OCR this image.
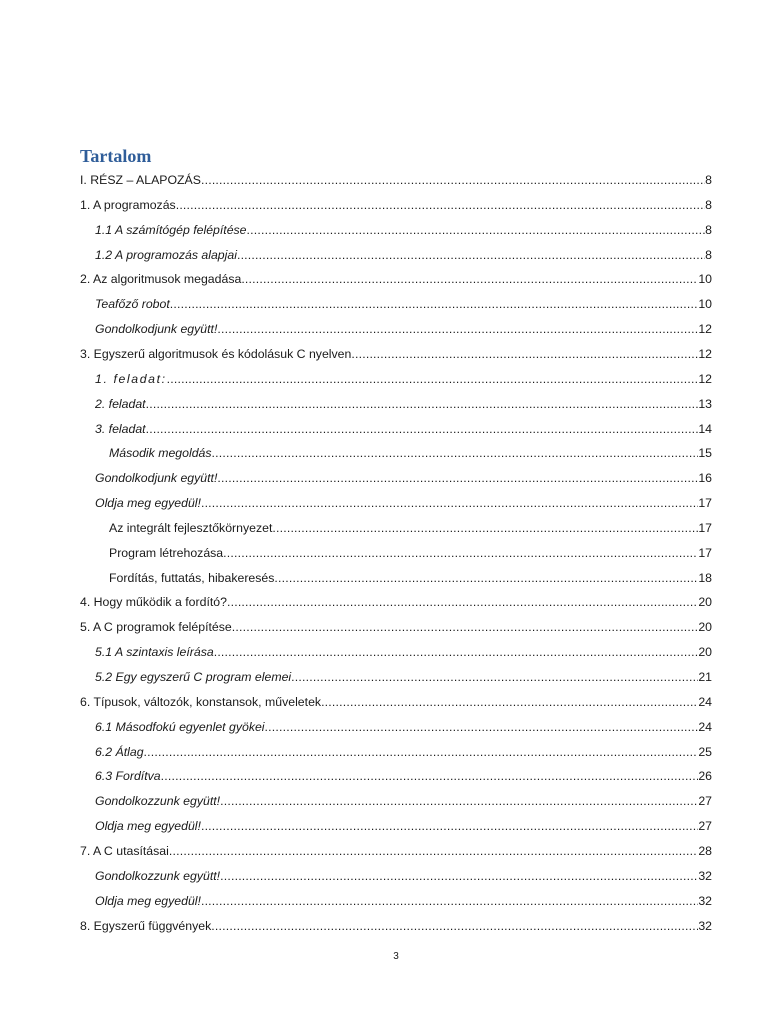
Tartalom
I. RÉSZ – ALAPOZÁS .....	8
1. A programozás .....	8
1.1 A számítógép felépítése .....	8
1.2 A programozás alapjai .....	8
2. Az algoritmusok megadása .....	10
Teafőző robot .....	10
Gondolkodjunk együtt! .....	12
3. Egyszerű algoritmusok és kódolásuk C nyelven .....	12
1. feladat: .....	12
2. feladat .....	13
3. feladat .....	14
Második megoldás .....	15
Gondolkodjunk együtt! .....	16
Oldja meg egyedül! .....	17
Az integrált fejlesztőkörnyezet .....	17
Program létrehozása .....	17
Fordítás, futtatás, hibakeresés .....	18
4. Hogy működik a fordító? .....	20
5. A C programok felépítése .....	20
5.1 A szintaxis leírása .....	20
5.2 Egy egyszerű C program elemei .....	21
6. Típusok, változók, konstansok, műveletek .....	24
6.1 Másodfokú egyenlet gyökei .....	24
6.2 Átlag .....	25
6.3 Fordítva .....	26
Gondolkozzunk együtt! .....	27
Oldja meg egyedül! .....	27
7. A C utasításai .....	28
Gondolkozzunk együtt! .....	32
Oldja meg egyedül! .....	32
8. Egyszerű függvények .....	32
3
